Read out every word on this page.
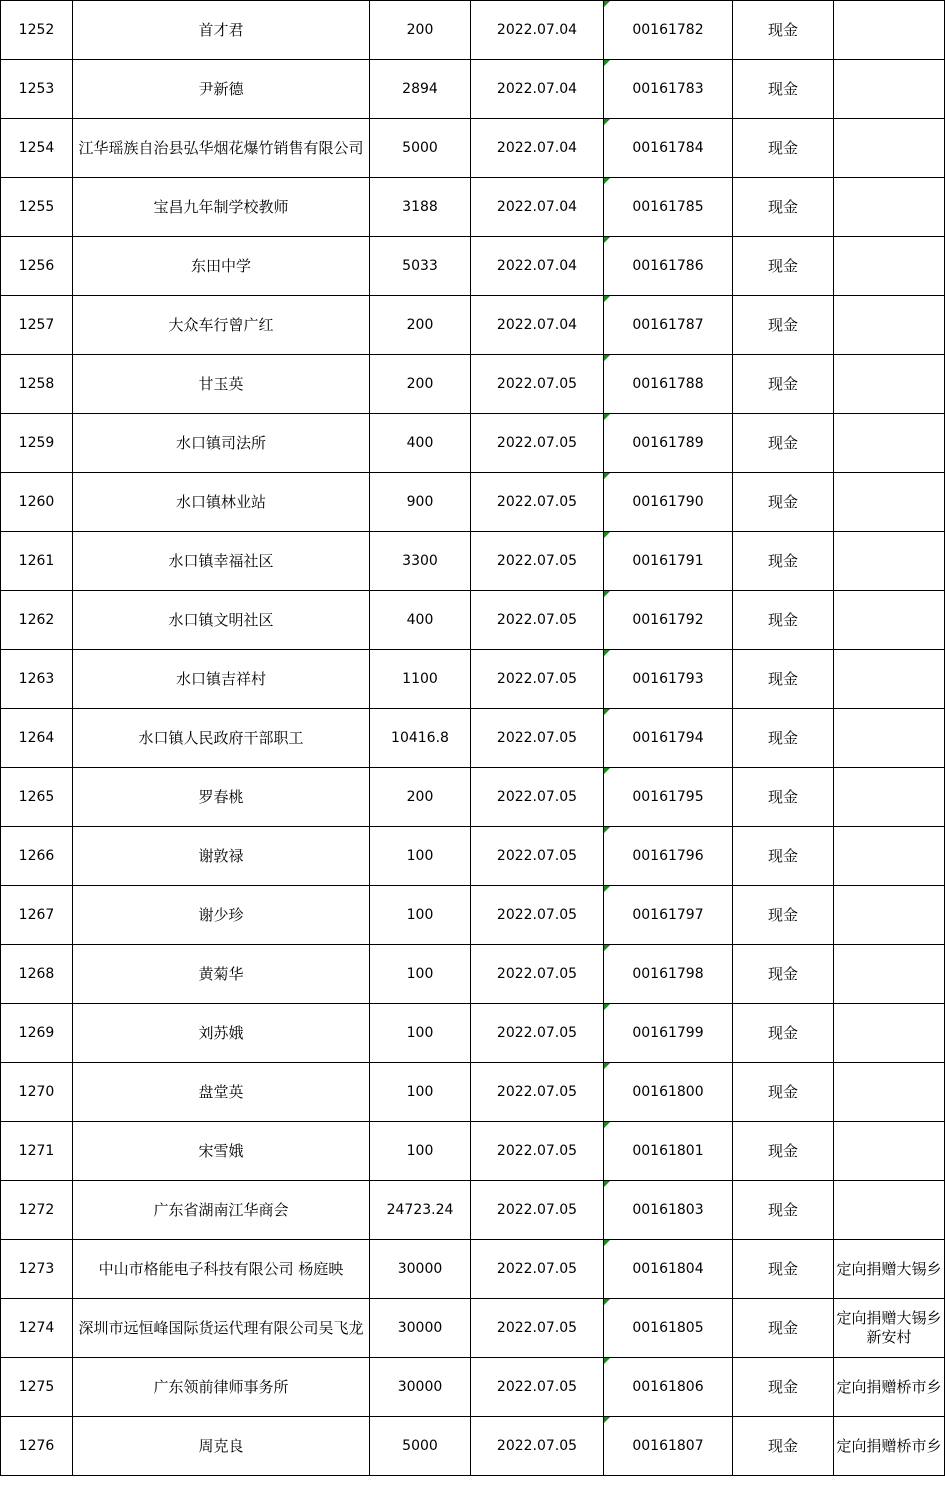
1252	首才君	200	2022.07.04	00161782	现金	
1253	尹新德	2894	2022.07.04	00161783	现金	
1254	江华瑶族自治县弘华烟花爆竹销售有限公司	5000	2022.07.04	00161784	现金	
1255	宝昌九年制学校教师	3188	2022.07.04	00161785	现金	
1256	东田中学	5033	2022.07.04	00161786	现金	
1257	大众车行曾广红	200	2022.07.04	00161787	现金	
1258	甘玉英	200	2022.07.05	00161788	现金	
1259	水口镇司法所	400	2022.07.05	00161789	现金	
1260	水口镇林业站	900	2022.07.05	00161790	现金	
1261	水口镇幸福社区	3300	2022.07.05	00161791	现金	
1262	水口镇文明社区	400	2022.07.05	00161792	现金	
1263	水口镇吉祥村	1100	2022.07.05	00161793	现金	
1264	水口镇人民政府干部职工	10416.8	2022.07.05	00161794	现金	
1265	罗春桃	200	2022.07.05	00161795	现金	
1266	谢敦禄	100	2022.07.05	00161796	现金	
1267	谢少珍	100	2022.07.05	00161797	现金	
1268	黄菊华	100	2022.07.05	00161798	现金	
1269	刘苏娥	100	2022.07.05	00161799	现金	
1270	盘堂英	100	2022.07.05	00161800	现金	
1271	宋雪娥	100	2022.07.05	00161801	现金	
1272	广东省湖南江华商会	24723.24	2022.07.05	00161803	现金	
1273	中山市格能电子科技有限公司 杨庭映	30000	2022.07.05	00161804	现金	定向捐赠大锡乡
1274	深圳市远恒峰国际货运代理有限公司吴飞龙	30000	2022.07.05	00161805	现金	定向捐赠大锡乡新安村
1275	广东领前律师事务所	30000	2022.07.05	00161806	现金	定向捐赠桥市乡
1276	周克良	5000	2022.07.05	00161807	现金	定向捐赠桥市乡
